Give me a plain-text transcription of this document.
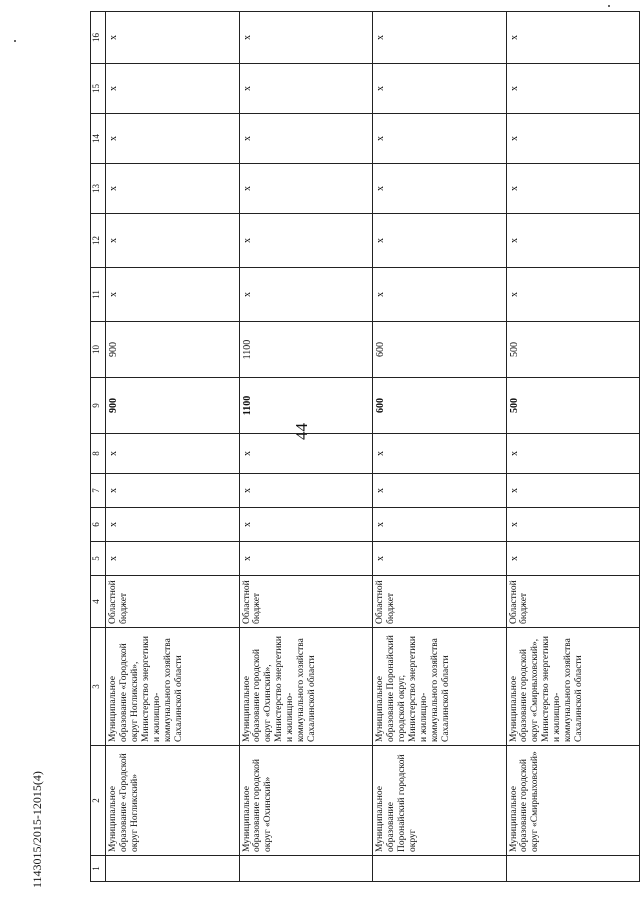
44
1143015/2015-12015(4)	1	2	3	4	5	6	7	8	9	10	11	12	13	14	15	16
	Муниципальное образование «Городской округ Ногликский»	Муниципальное образование «Городской округ Ногликский», Министерство энергетики и жилищно-коммунального хозяйства Сахалинской области	Областной бюджет	х	х	х	х	900	900	х	х	х	х	х	х
	Муниципальное образование городской округ «Охинский»	Муниципальное образование городской округ «Охинский», Министерство энергетики и жилищно-коммунального хозяйства Сахалинской области	Областной бюджет	х	х	х	х	1100	1100	х	х	х	х	х	х
	Муниципальное образование Поронайский городской округ	Муниципальное образование Поронайский городской округ, Министерство энергетики и жилищно-коммунального хозяйства Сахалинской области	Областной бюджет	х	х	х	х	600	600	х	х	х	х	х	х
	Муниципальное образование городской округ «Смирныховский»	Муниципальное образование городской округ «Смирныховский», Министерство энергетики и жилищно-коммунального хозяйства Сахалинской области	Областной бюджет	х	х	х	х	500	500	х	х	х	х	х	х
